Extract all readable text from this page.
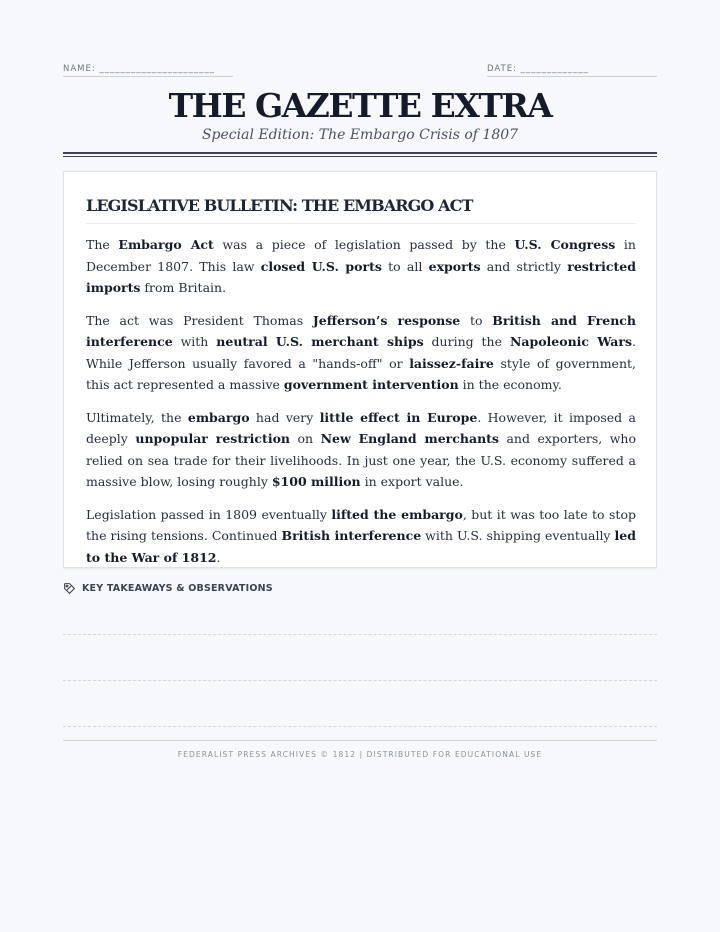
NAME: ______________________	DATE: _____________
THE GAZETTE EXTRA
Special Edition: The Embargo Crisis of 1807
LEGISLATIVE BULLETIN: THE EMBARGO ACT

The Embargo Act was a piece of legislation passed by the U.S. Congress in December 1807. This law closed U.S. ports to all exports and strictly restricted imports from Britain.

The act was President Thomas Jefferson’s response to British and French interference with neutral U.S. merchant ships during the Napoleonic Wars. While Jefferson usually favored a "hands-off" or laissez-faire style of government, this act represented a massive government intervention in the economy.

Ultimately, the embargo had very little effect in Europe. However, it imposed a deeply unpopular restriction on New England merchants and exporters, who relied on sea trade for their livelihoods. In just one year, the U.S. economy suffered a massive blow, losing roughly $100 million in export value.

Legislation passed in 1809 eventually lifted the embargo, but it was too late to stop the rising tensions. Continued British interference with U.S. shipping eventually led to the War of 1812.

KEY TAKEAWAYS & OBSERVATIONS
FEDERALIST PRESS ARCHIVES © 1812 | DISTRIBUTED FOR EDUCATIONAL USE
